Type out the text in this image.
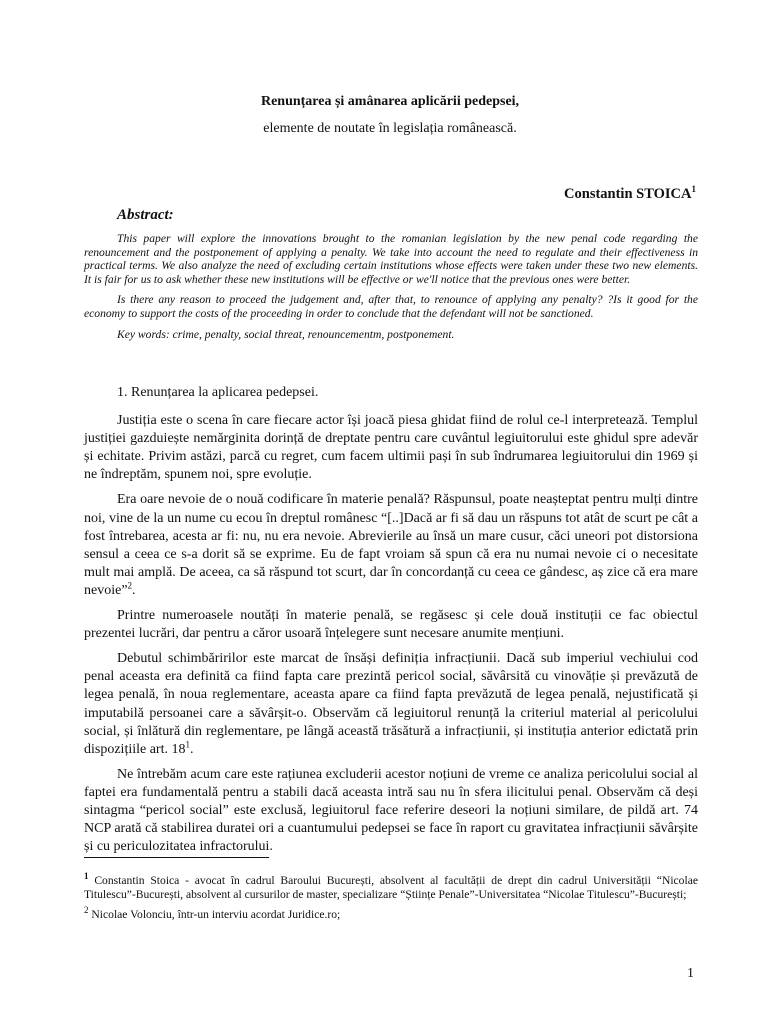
Renunțarea și amânarea aplicării pedepsei,
elemente de noutate în legislația românească.
Constantin STOICA$^1$
Abstract:

This paper will explore the innovations brought to the romanian legislation by the new penal code regarding the renouncement and the postponement of applying a penalty. We take into account the need to regulate and their effectiveness in practical terms. We also analyze the need of excluding certain institutions whose effects were taken under these two new elements. It is fair for us to ask whether these new institutions will be effective or we'll notice that the previous ones were better.

Is there any reason to proceed the judgement and, after that, to renounce of applying any penalty? ?Is it good for the economy to support the costs of the proceeding in order to conclude that the defendant will not be sanctioned.

Key words: crime, penalty, social threat, renouncementm, postponement.

1. Renunțarea la aplicarea pedepsei.

Justiția este o scena în care fiecare actor își joacă piesa ghidat fiind de rolul ce-l interpretează. Templul justiției gazduiește nemărginita dorință de dreptate pentru care cuvântul legiuitorului este ghidul spre adevăr și echitate. Privim astăzi, parcă cu regret, cum facem ultimii pași în sub îndrumarea legiuitorului din 1969 și ne îndreptăm, spunem noi, spre evoluție.

Era oare nevoie de o nouă codificare în materie penală? Răspunsul, poate neașteptat pentru mulți dintre noi, vine de la un nume cu ecou în dreptul românesc “[..]Dacă ar fi să dau un răspuns tot atât de scurt pe cât a fost întrebarea, acesta ar fi: nu, nu era nevoie. Abrevierile au însă un mare cusur, căci uneori pot distorsiona sensul a ceea ce s-a dorit să se exprime. Eu de fapt vroiam să spun că era nu numai nevoie ci o necesitate mult mai amplă. De aceea, ca să răspund tot scurt, dar în concordanță cu ceea ce gândesc, aș zice că era mare nevoie”$^2$.

Printre numeroasele noutăți în materie penală, se regăsesc și cele două instituții ce fac obiectul prezentei lucrări, dar pentru a căror usoară înțelegere sunt necesare anumite mențiuni.

Debutul schimbăririlor este marcat de însăși definiția infracțiunii. Dacă sub imperiul vechiului cod penal aceasta era definită ca fiind fapta care prezintă pericol social, săvârsită cu vinovăție și prevăzută de legea penală, în noua reglementare, aceasta apare ca fiind fapta prevăzută de legea penală, nejustificată și imputabilă persoanei care a săvârșit-o. Observăm că legiuitorul renunță la criteriul material al pericolului social, și înlătură din reglementare, pe lângă această trăsătură a infracțiunii, și instituția anterior edictată prin dispozițiile art. $18^1$.

Ne întrebăm acum care este rațiunea excluderii acestor noțiuni de vreme ce analiza pericolului social al faptei era fundamentală pentru a stabili dacă aceasta intră sau nu în sfera ilicitului penal. Observăm că deși sintagma “pericol social” este exclusă, legiuitorul face referire deseori la noțiuni similare, de pildă art. 74 NCP arată că stabilirea duratei ori a cuantumului pedepsei se face în raport cu gravitatea infracțiunii săvârșite și cu periculozitatea infractorului.

$^1$ Constantin Stoica - avocat în cadrul Baroului București, absolvent al facultății de drept din cadrul Universității “Nicolae Titulescu”-București, absolvent al cursurilor de master, specializare “Științe Penale”-Universitatea “Nicolae Titulescu”-București;

$^2$ Nicolae Volonciu, într-un interviu acordat Juridice.ro;

1
